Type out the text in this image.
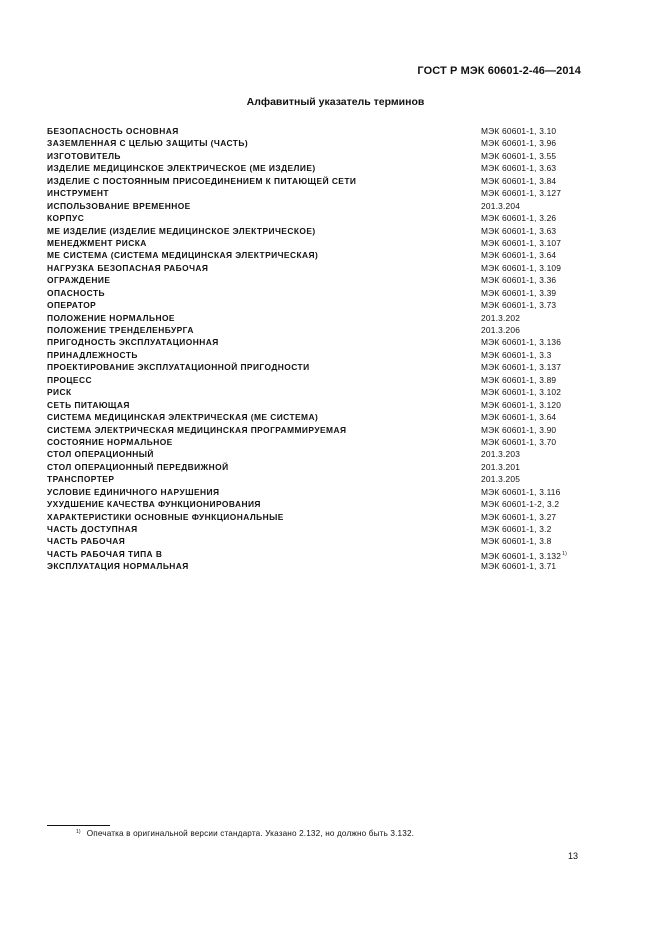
ГОСТ Р МЭК 60601-2-46—2014
Алфавитный указатель терминов
БЕЗОПАСНОСТЬ ОСНОВНАЯ	МЭК 60601-1, 3.10
ЗАЗЕМЛЕННАЯ С ЦЕЛЬЮ ЗАЩИТЫ (ЧАСТЬ)	МЭК 60601-1, 3.96
ИЗГОТОВИТЕЛЬ	МЭК 60601-1, 3.55
ИЗДЕЛИЕ МЕДИЦИНСКОЕ ЭЛЕКТРИЧЕСКОЕ (МЕ ИЗДЕЛИЕ)	МЭК 60601-1, 3.63
ИЗДЕЛИЕ С ПОСТОЯННЫМ ПРИСОЕДИНЕНИЕМ К ПИТАЮЩЕЙ СЕТИ	МЭК 60601-1, 3.84
ИНСТРУМЕНТ	МЭК 60601-1, 3.127
ИСПОЛЬЗОВАНИЕ ВРЕМЕННОЕ	201.3.204
КОРПУС	МЭК 60601-1, 3.26
МЕ ИЗДЕЛИЕ (ИЗДЕЛИЕ МЕДИЦИНСКОЕ ЭЛЕКТРИЧЕСКОЕ)	МЭК 60601-1, 3.63
МЕНЕДЖМЕНТ РИСКА	МЭК 60601-1, 3.107
МЕ СИСТЕМА (СИСТЕМА МЕДИЦИНСКАЯ ЭЛЕКТРИЧЕСКАЯ)	МЭК 60601-1, 3.64
НАГРУЗКА БЕЗОПАСНАЯ РАБОЧАЯ	МЭК 60601-1, 3.109
ОГРАЖДЕНИЕ	МЭК 60601-1, 3.36
ОПАСНОСТЬ	МЭК 60601-1, 3.39
ОПЕРАТОР	МЭК 60601-1, 3.73
ПОЛОЖЕНИЕ НОРМАЛЬНОЕ	201.3.202
ПОЛОЖЕНИЕ ТРЕНДЕЛЕНБУРГА	201.3.206
ПРИГОДНОСТЬ ЭКСПЛУАТАЦИОННАЯ	МЭК 60601-1, 3.136
ПРИНАДЛЕЖНОСТЬ	МЭК 60601-1, 3.3
ПРОЕКТИРОВАНИЕ ЭКСПЛУАТАЦИОННОЙ ПРИГОДНОСТИ	МЭК 60601-1, 3.137
ПРОЦЕСС	МЭК 60601-1, 3.89
РИСК	МЭК 60601-1, 3.102
СЕТЬ ПИТАЮЩАЯ	МЭК 60601-1, 3.120
СИСТЕМА МЕДИЦИНСКАЯ ЭЛЕКТРИЧЕСКАЯ (МЕ СИСТЕМА)	МЭК 60601-1, 3.64
СИСТЕМА ЭЛЕКТРИЧЕСКАЯ МЕДИЦИНСКАЯ ПРОГРАММИРУЕМАЯ	МЭК 60601-1, 3.90
СОСТОЯНИЕ НОРМАЛЬНОЕ	МЭК 60601-1, 3.70
СТОЛ ОПЕРАЦИОННЫЙ	201.3.203
СТОЛ ОПЕРАЦИОННЫЙ ПЕРЕДВИЖНОЙ	201.3.201
ТРАНСПОРТЕР	201.3.205
УСЛОВИЕ ЕДИНИЧНОГО НАРУШЕНИЯ	МЭК 60601-1, 3.116
УХУДШЕНИЕ КАЧЕСТВА ФУНКЦИОНИРОВАНИЯ	МЭК 60601-1-2, 3.2
ХАРАКТЕРИСТИКИ ОСНОВНЫЕ ФУНКЦИОНАЛЬНЫЕ	МЭК 60601-1, 3.27
ЧАСТЬ ДОСТУПНАЯ	МЭК 60601-1, 3.2
ЧАСТЬ РАБОЧАЯ	МЭК 60601-1, 3.8
ЧАСТЬ РАБОЧАЯ ТИПА В	МЭК 60601-1, 3.132$^{1)}$
ЭКСПЛУАТАЦИЯ НОРМАЛЬНАЯ	МЭК 60601-1, 3.71
$^{1)}$ Опечатка в оригинальной версии стандарта. Указано 2.132, но должно быть 3.132.
13
